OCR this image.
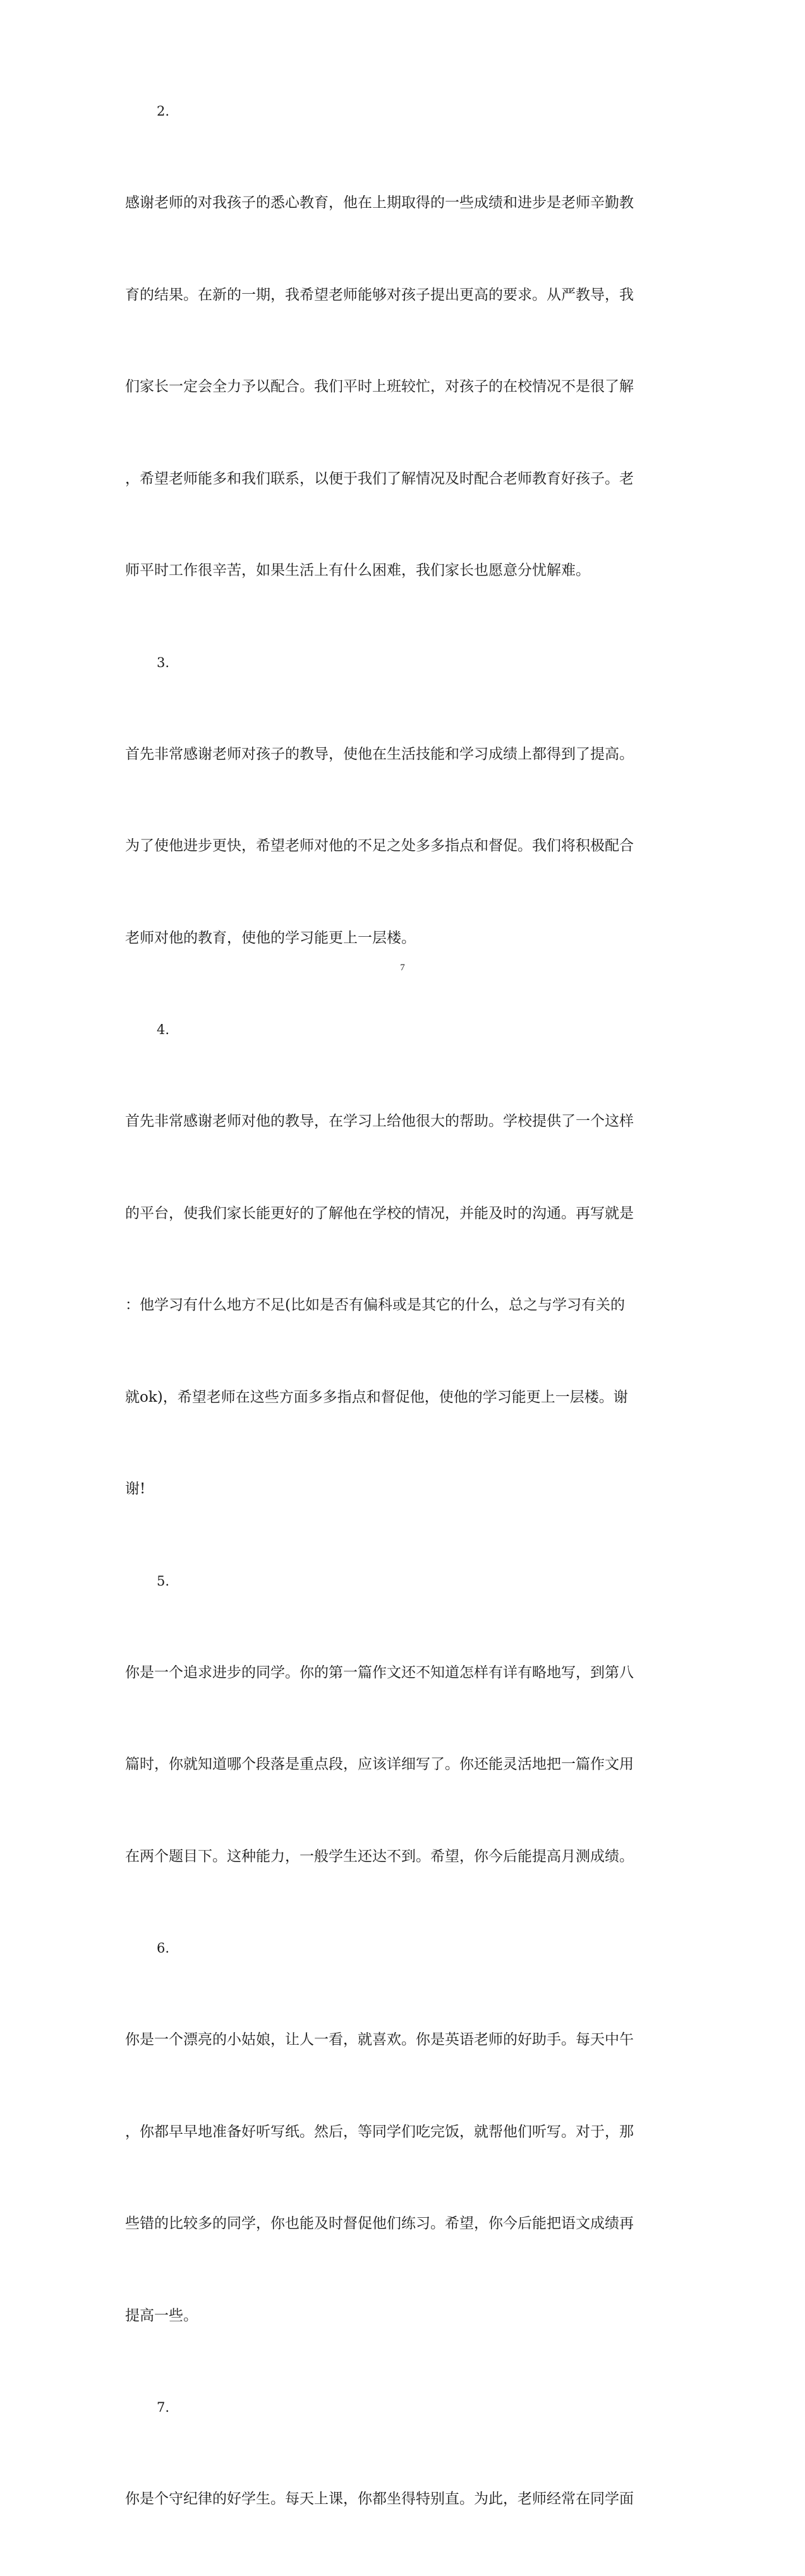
2.

感谢老师的对我孩子的悉心教育，他在上期取得的一些成绩和进步是老师辛勤教

育的结果。在新的一期，我希望老师能够对孩子提出更高的要求。从严教导，我

们家长一定会全力予以配合。我们平时上班较忙，对孩子的在校情况不是很了解

，希望老师能多和我们联系，以便于我们了解情况及时配合老师教育好孩子。老

师平时工作很辛苦，如果生活上有什么困难，我们家长也愿意分忧解难。

3.

首先非常感谢老师对孩子的教导，使他在生活技能和学习成绩上都得到了提高。

为了使他进步更快，希望老师对他的不足之处多多指点和督促。我们将积极配合

老师对他的教育，使他的学习能更上一层楼。

4.

首先非常感谢老师对他的教导，在学习上给他很大的帮助。学校提供了一个这样

的平台，使我们家长能更好的了解他在学校的情况，并能及时的沟通。再写就是

：他学习有什么地方不足(比如是否有偏科或是其它的什么，总之与学习有关的

就ok)，希望老师在这些方面多多指点和督促他，使他的学习能更上一层楼。谢

谢!

5.

你是一个追求进步的同学。你的第一篇作文还不知道怎样有详有略地写，到第八

篇时，你就知道哪个段落是重点段，应该详细写了。你还能灵活地把一篇作文用

在两个题目下。这种能力，一般学生还达不到。希望，你今后能提高月测成绩。

6.

你是一个漂亮的小姑娘，让人一看，就喜欢。你是英语老师的好助手。每天中午

，你都早早地准备好听写纸。然后，等同学们吃完饭，就帮他们听写。对于，那

些错的比较多的同学，你也能及时督促他们练习。希望，你今后能把语文成绩再

提高一些。

7.

你是个守纪律的好学生。每天上课，你都坐得特别直。为此，老师经常在同学面

7
